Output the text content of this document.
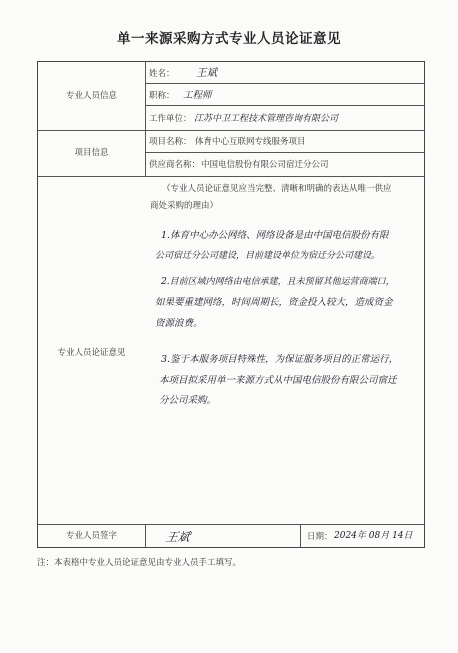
单一来源采购方式专业人员论证意见
专业人员信息
项目信息
专业人员论证意见
专业人员签字
姓名： 王斌
职称： 工程师
工作单位： 江苏中卫工程技术管理咨询有限公司
项目名称： 体育中心互联网专线服务项目
供应商名称： 中国电信股份有限公司宿迁分公司
（专业人员论证意见应当完整、清晰和明确的表达从唯一供应
商处采购的理由）
1.体育中心办公网络、网络设备是由中国电信股份有限
公司宿迁分公司建设，目前建设单位为宿迁分公司建设。
2.目前区域内网络由电信承建，且未预留其他运营商端口，
如果要重建网络，时间周期长，资金投入较大，造成资金
资源浪费。
3.鉴于本服务项目特殊性，为保证服务项目的正常运行，
本项目拟采用单一来源方式从中国电信股份有限公司宿迁
分公司采购。
王斌	日期： 2024年 08月 14日
注：本表格中专业人员论证意见由专业人员手工填写。
